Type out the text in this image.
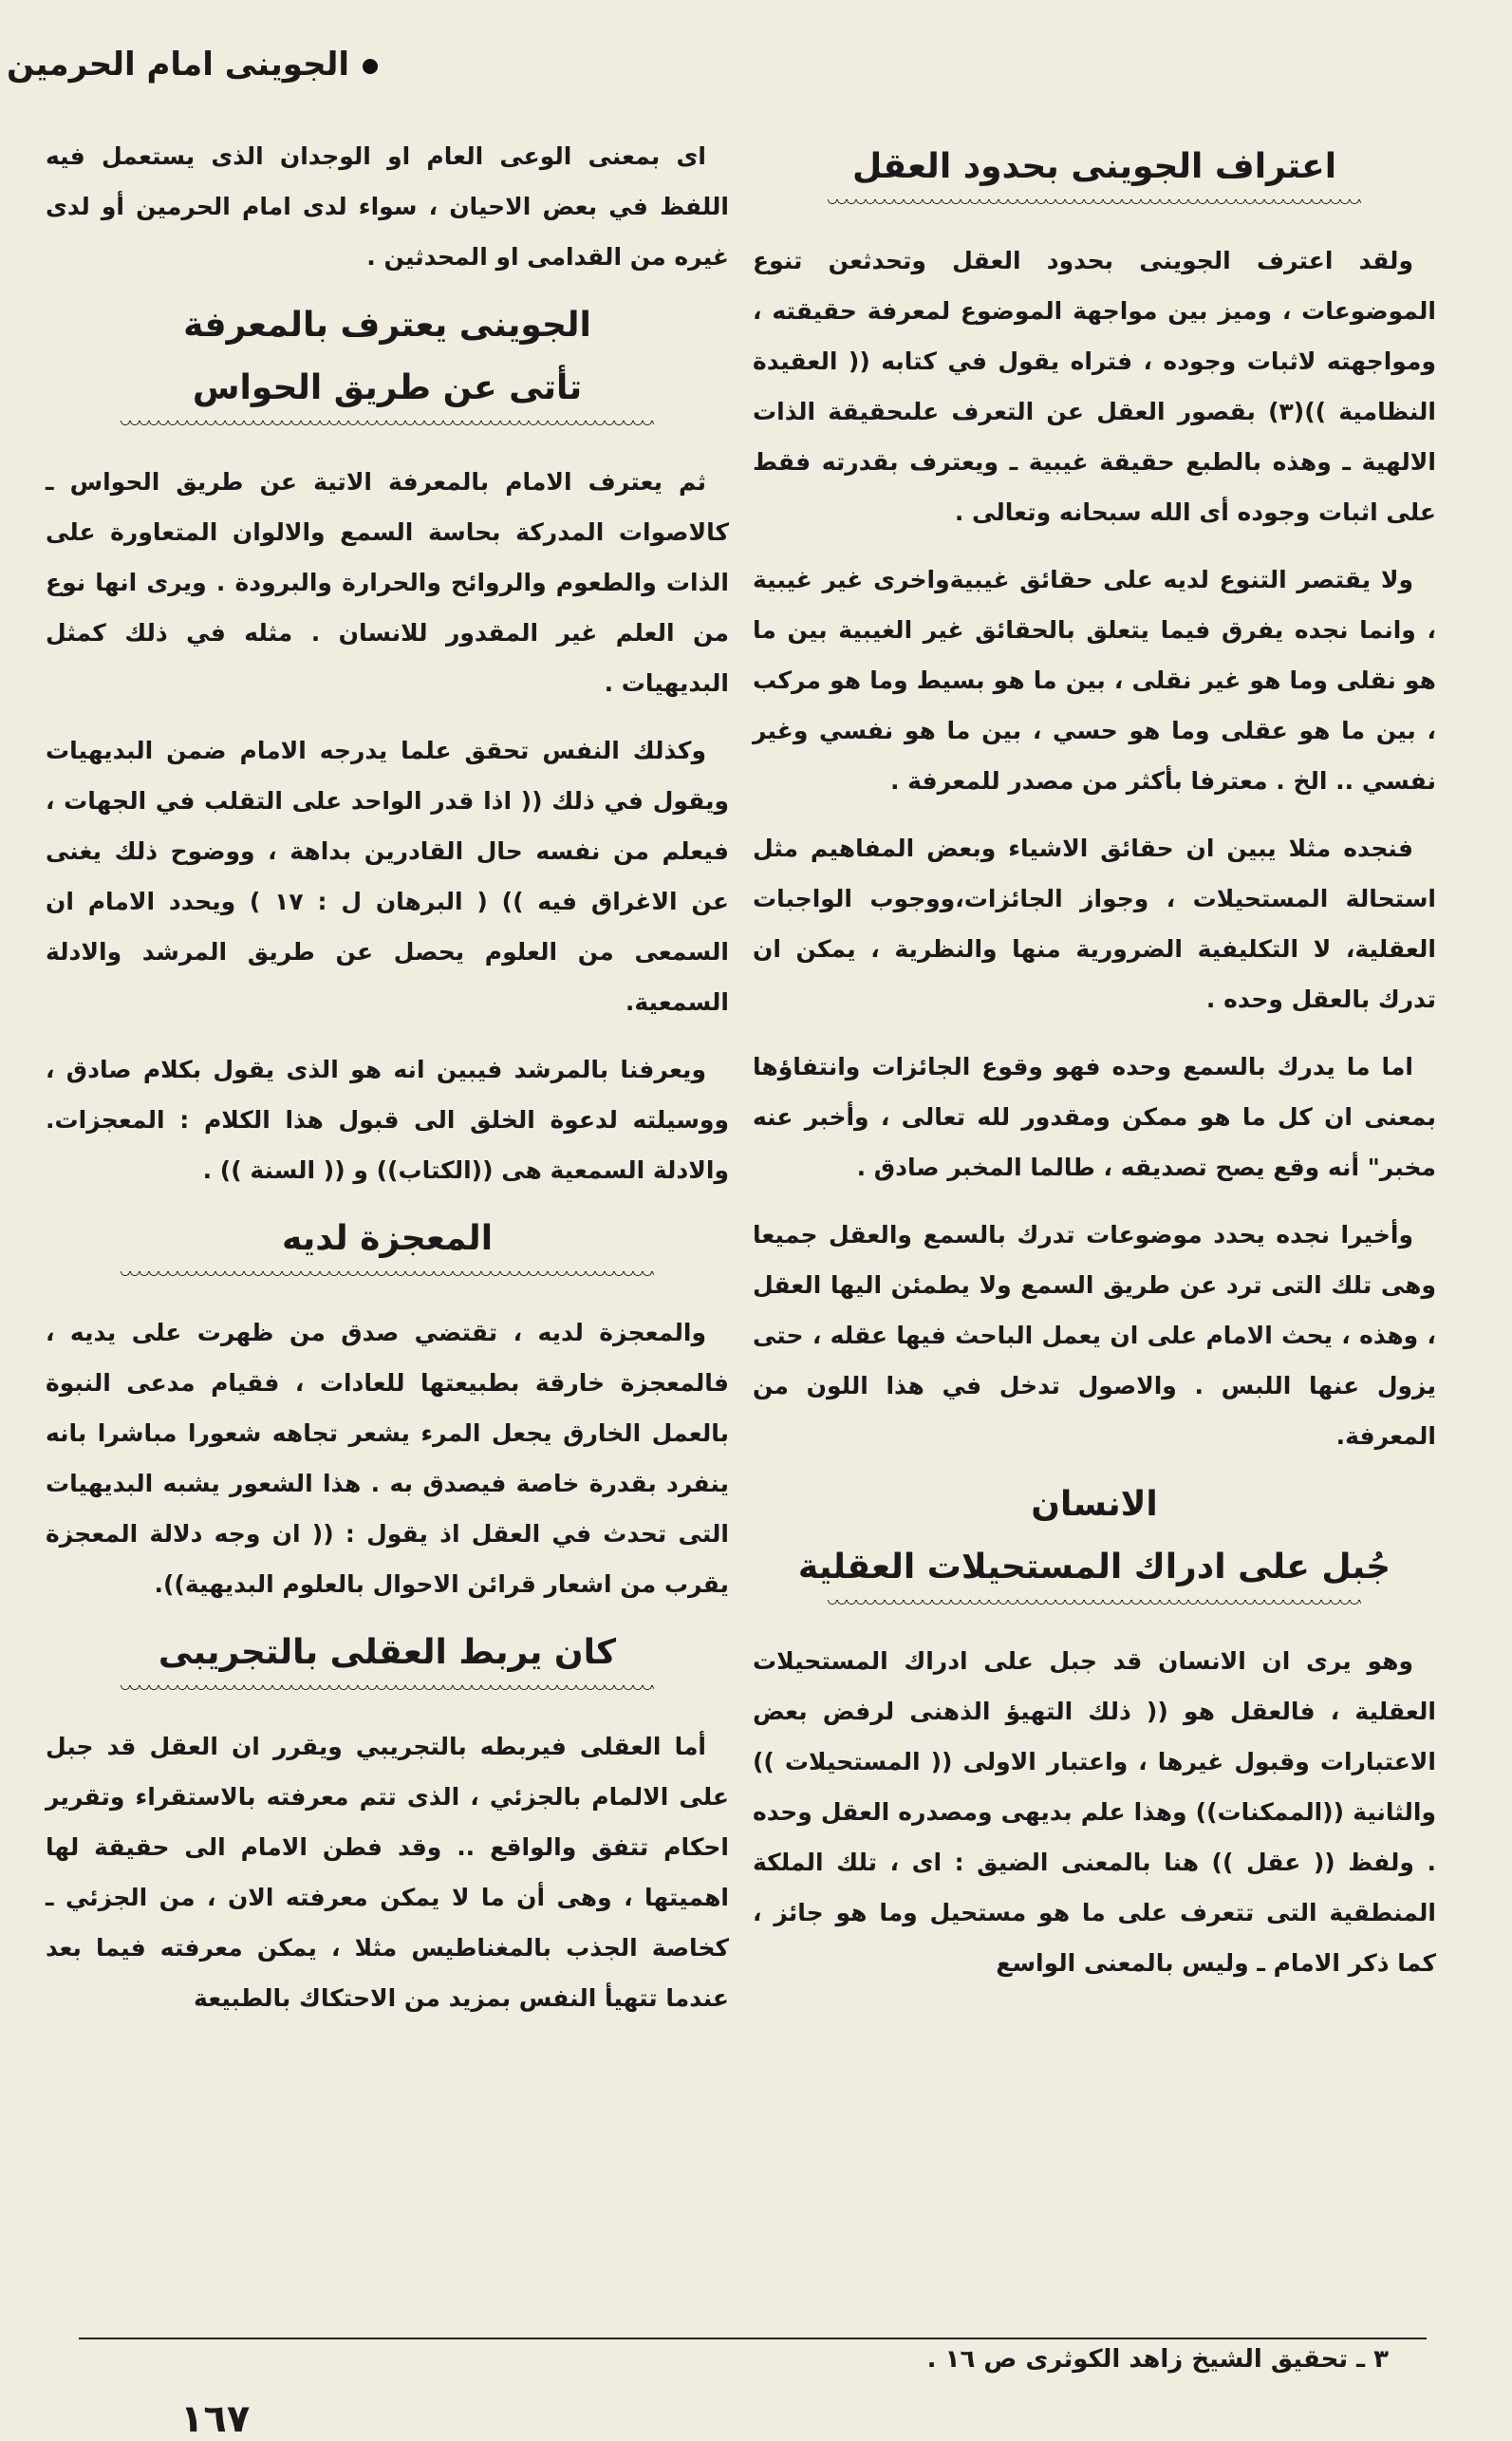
الجوينى امام الحرمين
اعتراف الجوينى بحدود العقل
ولقد اعترف الجوينى بحدود العقل وتحدثعن تنوع الموضوعات ، وميز بين مواجهة الموضوع لمعرفة حقيقته ، ومواجهته لاثبات وجوده ، فتراه يقول في كتابه (( العقيدة النظامية ))(٣) بقصور العقل عن التعرف علىحقيقة الذات الالهية ـ وهذه بالطبع حقيقة غيبية ـ ويعترف بقدرته فقط على اثبات وجوده أى الله سبحانه وتعالى .
ولا يقتصر التنوع لديه على حقائق غيبيةواخرى غير غيبية ، وانما نجده يفرق فيما يتعلق بالحقائق غير الغيبية بين ما هو نقلى وما هو غير نقلى ، بين ما هو بسيط وما هو مركب ، بين ما هو عقلى وما هو حسي ، بين ما هو نفسي وغير نفسي .. الخ . معترفا بأكثر من مصدر للمعرفة .
فنجده مثلا يبين ان حقائق الاشياء وبعض المفاهيم مثل استحالة المستحيلات ، وجواز الجائزات،ووجوب الواجبات العقلية، لا التكليفية الضرورية منها والنظرية ، يمكن ان تدرك بالعقل وحده .
اما ما يدرك بالسمع وحده فهو وقوع الجائزات وانتفاؤها بمعنى ان كل ما هو ممكن ومقدور لله تعالى ، وأخبر عنه مخبر" أنه وقع يصح تصديقه ، طالما المخبر صادق .
وأخيرا نجده يحدد موضوعات تدرك بالسمع والعقل جميعا وهى تلك التى ترد عن طريق السمع ولا يطمئن اليها العقل ، وهذه ، يحث الامام على ان يعمل الباحث فيها عقله ، حتى يزول عنها اللبس . والاصول تدخل في هذا اللون من المعرفة.
الانسان
جُبل على ادراك المستحيلات العقلية
وهو يرى ان الانسان قد جبل على ادراك المستحيلات العقلية ، فالعقل هو (( ذلك التهيؤ الذهنى لرفض بعض الاعتبارات وقبول غيرها ، واعتبار الاولى (( المستحيلات )) والثانية ((الممكنات)) وهذا علم بديهى ومصدره العقل وحده . ولفظ (( عقل )) هنا بالمعنى الضيق : اى ، تلك الملكة المنطقية التى تتعرف على ما هو مستحيل وما هو جائز ، كما ذكر الامام ـ وليس بالمعنى الواسع
اى بمعنى الوعى العام او الوجدان الذى يستعمل فيه اللفظ في بعض الاحيان ، سواء لدى امام الحرمين أو لدى غيره من القدامى او المحدثين .
الجوينى يعترف بالمعرفة
تأتى عن طريق الحواس
ثم يعترف الامام بالمعرفة الاتية عن طريق الحواس ـ كالاصوات المدركة بحاسة السمع والالوان المتعاورة على الذات والطعوم والروائح والحرارة والبرودة . ويرى انها نوع من العلم غير المقدور للانسان . مثله في ذلك كمثل البديهيات .
وكذلك النفس تحقق علما يدرجه الامام ضمن البديهيات ويقول في ذلك (( اذا قدر الواحد على التقلب في الجهات ، فيعلم من نفسه حال القادرين بداهة ، ووضوح ذلك يغنى عن الاغراق فيه )) ( البرهان ل : ١٧ ) ويحدد الامام ان السمعى من العلوم يحصل عن طريق المرشد والادلة السمعية.
ويعرفنا بالمرشد فيبين انه هو الذى يقول بكلام صادق ، ووسيلته لدعوة الخلق الى قبول هذا الكلام : المعجزات. والادلة السمعية هى ((الكتاب)) و (( السنة )) .
المعجزة لديه
والمعجزة لديه ، تقتضي صدق من ظهرت على يديه ، فالمعجزة خارقة بطبيعتها للعادات ، فقيام مدعى النبوة بالعمل الخارق يجعل المرء يشعر تجاهه شعورا مباشرا بانه ينفرد بقدرة خاصة فيصدق به . هذا الشعور يشبه البديهيات التى تحدث في العقل اذ يقول : (( ان وجه دلالة المعجزة يقرب من اشعار قرائن الاحوال بالعلوم البديهية)).
كان يربط العقلى بالتجريبى
أما العقلى فيربطه بالتجريبي ويقرر ان العقل قد جبل على الالمام بالجزئي ، الذى تتم معرفته بالاستقراء وتقرير احكام تتفق والواقع .. وقد فطن الامام الى حقيقة لها اهميتها ، وهى أن ما لا يمكن معرفته الان ، من الجزئي ـ كخاصة الجذب بالمغناطيس مثلا ، يمكن معرفته فيما بعد عندما تتهيأ النفس بمزيد من الاحتكاك بالطبيعة
٣ ـ تحقيق الشيخ زاهد الكوثرى ص ١٦ .
١٦٧
